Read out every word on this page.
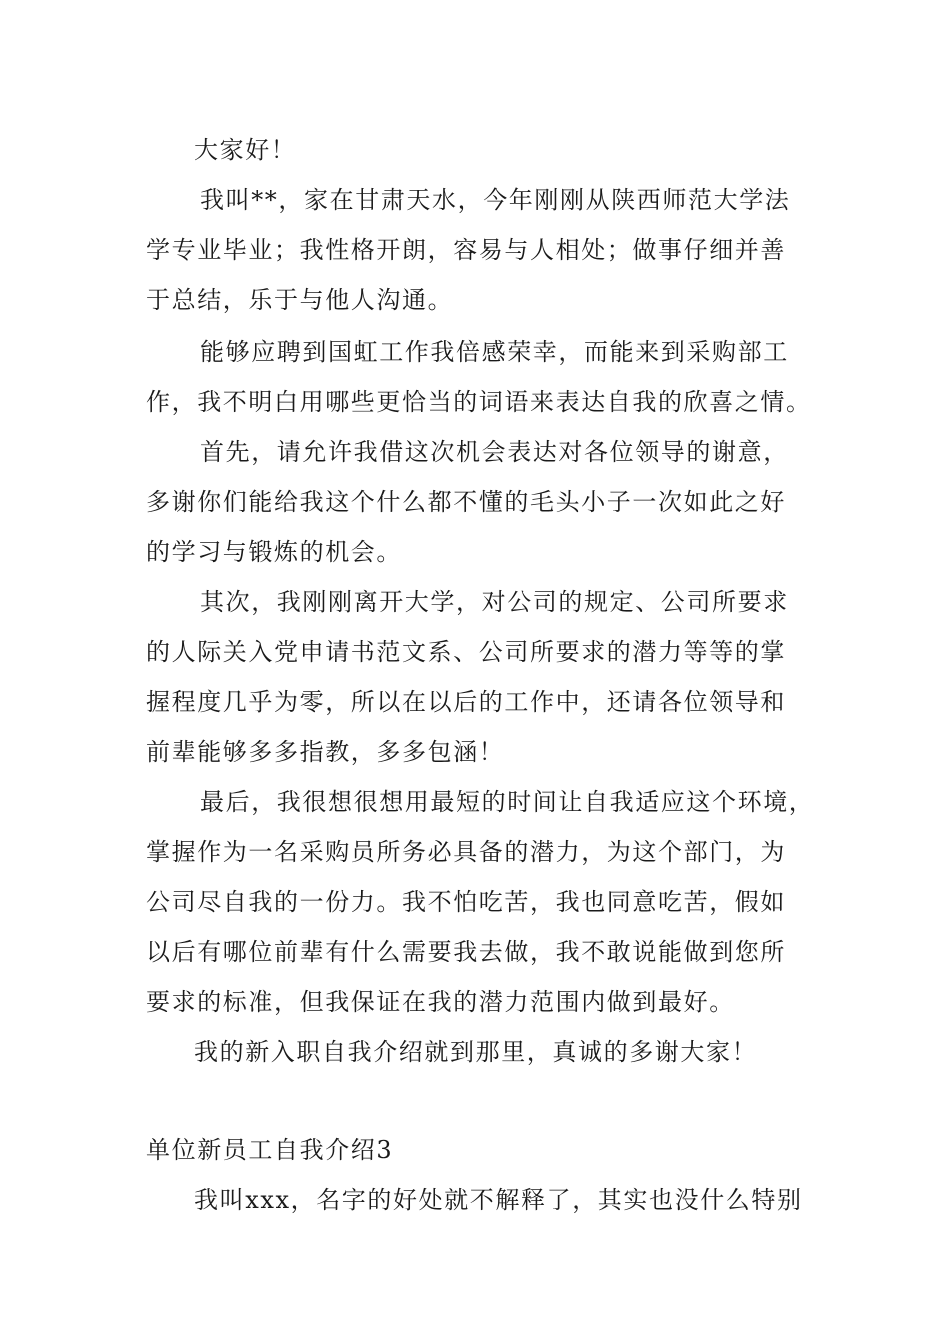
大家好！
我叫**，家在甘肃天水，今年刚刚从陕西师范大学法
学专业毕业；我性格开朗，容易与人相处；做事仔细并善
于总结，乐于与他人沟通。
能够应聘到国虹工作我倍感荣幸，而能来到采购部工
作，我不明白用哪些更恰当的词语来表达自我的欣喜之情。
首先，请允许我借这次机会表达对各位领导的谢意，
多谢你们能给我这个什么都不懂的毛头小子一次如此之好
的学习与锻炼的机会。
其次，我刚刚离开大学，对公司的规定、公司所要求
的人际关入党申请书范文系、公司所要求的潜力等等的掌
握程度几乎为零，所以在以后的工作中，还请各位领导和
前辈能够多多指教，多多包涵！
最后，我很想很想用最短的时间让自我适应这个环境，
掌握作为一名采购员所务必具备的潜力，为这个部门，为
公司尽自我的一份力。我不怕吃苦，我也同意吃苦，假如
以后有哪位前辈有什么需要我去做，我不敢说能做到您所
要求的标准，但我保证在我的潜力范围内做到最好。
我的新入职自我介绍就到那里，真诚的多谢大家！
单位新员工自我介绍3
我叫xxx，名字的好处就不解释了，其实也没什么特别
